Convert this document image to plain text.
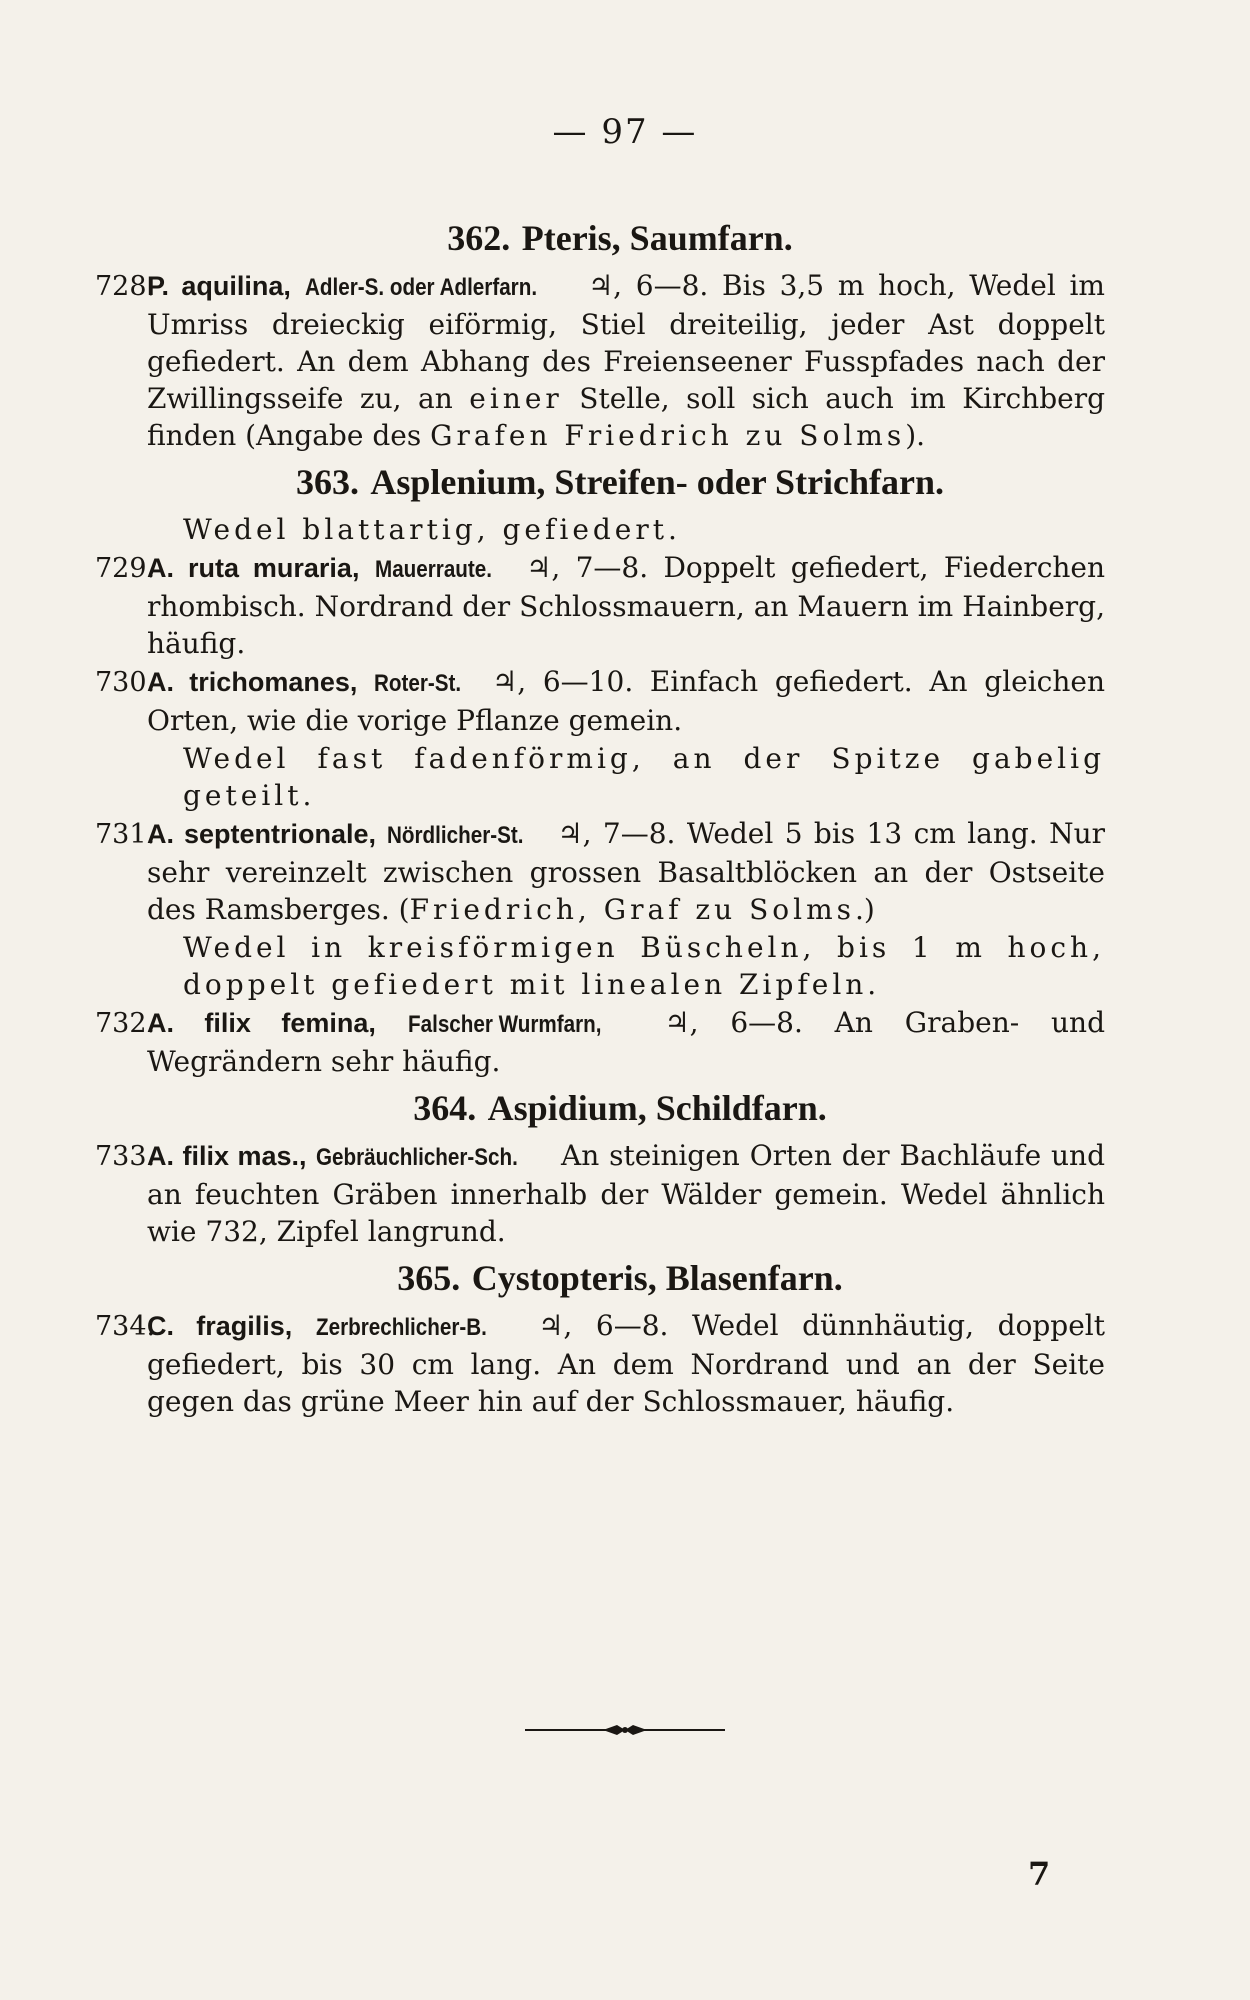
— 97 —
362. Pteris, Saumfarn.

728.P. aquilina, Adler-S. oder Adlerfarn. ♃, 6—8. Bis 3,5 m hoch, Wedel im Umriss dreieckig eiförmig, Stiel dreiteilig, jeder Ast doppelt gefiedert. An dem Abhang des Freienseener Fusspfades nach der Zwillingsseife zu, an einer Stelle, soll sich auch im Kirchberg finden (Angabe des Grafen Friedrich zu Solms).

363. Asplenium, Streifen- oder Strichfarn.

Wedel blattartig, gefiedert.

729.A. ruta muraria, Mauerraute. ♃, 7—8. Doppelt gefiedert, Fiederchen rhombisch. Nordrand der Schlossmauern, an Mauern im Hainberg, häufig.

730.A. trichomanes, Roter-St. ♃, 6—10. Einfach gefiedert. An gleichen Orten, wie die vorige Pflanze gemein.

Wedel fast fadenförmig, an der Spitze gabelig geteilt.

731.A. septentrionale, Nördlicher-St. ♃, 7—8. Wedel 5 bis 13 cm lang. Nur sehr vereinzelt zwischen grossen Basaltblöcken an der Ostseite des Ramsberges. (Friedrich, Graf zu Solms.)

Wedel in kreisförmigen Büscheln, bis 1 m hoch, doppelt gefiedert mit linealen Zipfeln.

732.A. filix femina, Falscher Wurmfarn, ♃, 6—8. An Graben- und Wegrändern sehr häufig.

364. Aspidium, Schildfarn.

733.A. filix mas., Gebräuchlicher-Sch. An steinigen Orten der Bachläufe und an feuchten Gräben innerhalb der Wälder gemein. Wedel ähnlich wie 732, Zipfel langrund.

365. Cystopteris, Blasenfarn.

734.C. fragilis, Zerbrechlicher-B. ♃, 6—8. Wedel dünnhäutig, doppelt gefiedert, bis 30 cm lang. An dem Nordrand und an der Seite gegen das grüne Meer hin auf der Schlossmauer, häufig.

7
